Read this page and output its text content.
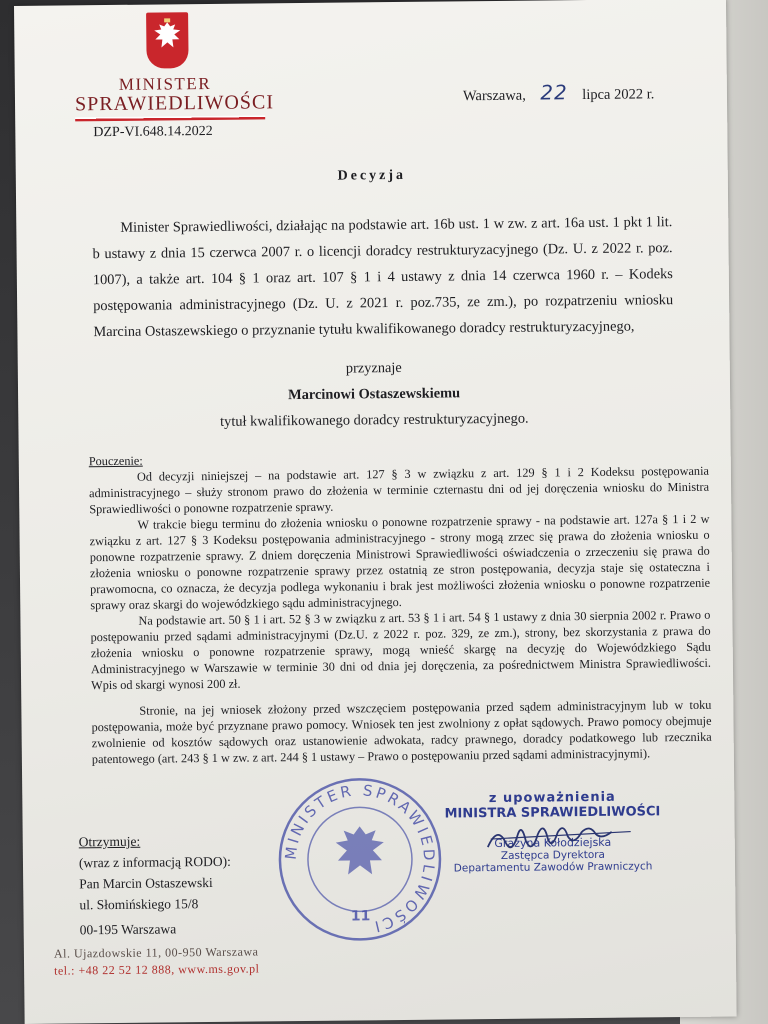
MINISTER
SPRAWIEDLIWOŚCI
DZP-VI.648.14.2022
Warszawa, 22 lipca 2022 r.
Decyzja

Minister Sprawiedliwości, działając na podstawie art. 16b ust. 1 w zw. z art. 16a ust. 1 pkt 1 lit. b ustawy z dnia 15 czerwca 2007 r. o licencji doradcy restrukturyzacyjnego (Dz. U. z 2022 r. poz. 1007), a także art. 104 § 1 oraz art. 107 § 1 i 4 ustawy z dnia 14 czerwca 1960 r. – Kodeks postępowania administracyjnego (Dz. U. z 2021 r. poz.735, ze zm.), po rozpatrzeniu wniosku Marcina Ostaszewskiego o przyznanie tytułu kwalifikowanego doradcy restrukturyzacyjnego,

przyznaje
Marcinowi Ostaszewskiemu
tytuł kwalifikowanego doradcy restrukturyzacyjnego.

Pouczenie:

Od decyzji niniejszej – na podstawie art. 127 § 3 w związku z art. 129 § 1 i 2 Kodeksu postępowania administracyjnego – służy stronom prawo do złożenia w terminie czternastu dni od jej doręczenia wniosku do Ministra Sprawiedliwości o ponowne rozpatrzenie sprawy.

W trakcie biegu terminu do złożenia wniosku o ponowne rozpatrzenie sprawy - na podstawie art. 127a § 1 i 2 w związku z art. 127 § 3 Kodeksu postępowania administracyjnego - strony mogą zrzec się prawa do złożenia wniosku o ponowne rozpatrzenie sprawy. Z dniem doręczenia Ministrowi Sprawiedliwości oświadczenia o zrzeczeniu się prawa do złożenia wniosku o ponowne rozpatrzenie sprawy przez ostatnią ze stron postępowania, decyzja staje się ostateczna i prawomocna, co oznacza, że decyzja podlega wykonaniu i brak jest możliwości złożenia wniosku o ponowne rozpatrzenie sprawy oraz skargi do wojewódzkiego sądu administracyjnego.

Na podstawie art. 50 § 1 i art. 52 § 3 w związku z art. 53 § 1 i art. 54 § 1 ustawy z dnia 30 sierpnia 2002 r. Prawo o postępowaniu przed sądami administracyjnymi (Dz.U. z 2022 r. poz. 329, ze zm.), strony, bez skorzystania z prawa do złożenia wniosku o ponowne rozpatrzenie sprawy, mogą wnieść skargę na decyzję do Wojewódzkiego Sądu Administracyjnego w Warszawie w terminie 30 dni od dnia jej doręczenia, za pośrednictwem Ministra Sprawiedliwości. Wpis od skargi wynosi 200 zł.

Stronie, na jej wniosek złożony przed wszczęciem postępowania przed sądem administracyjnym lub w toku postępowania, może być przyznane prawo pomocy. Wniosek ten jest zwolniony z opłat sądowych. Prawo pomocy obejmuje zwolnienie od kosztów sądowych oraz ustanowienie adwokata, radcy prawnego, doradcy podatkowego lub rzecznika patentowego (art. 243 § 1 w zw. z art. 244 § 1 ustawy – Prawo o postępowaniu przed sądami administracyjnymi).

MINISTER SPRAWIEDLIWOŚCI
11
z upoważnienia
MINISTRA SPRAWIEDLIWOŚCI
Grażyna Kołodziejska
Zastępca Dyrektora
Departamentu Zawodów Prawniczych
Otrzymuje:
(wraz z informacją RODO):
Pan Marcin Ostaszewski
ul. Słomińskiego 15/8
00-195 Warszawa
Al. Ujazdowskie 11, 00-950 Warszawa
tel.: +48 22 52 12 888, www.ms.gov.pl
